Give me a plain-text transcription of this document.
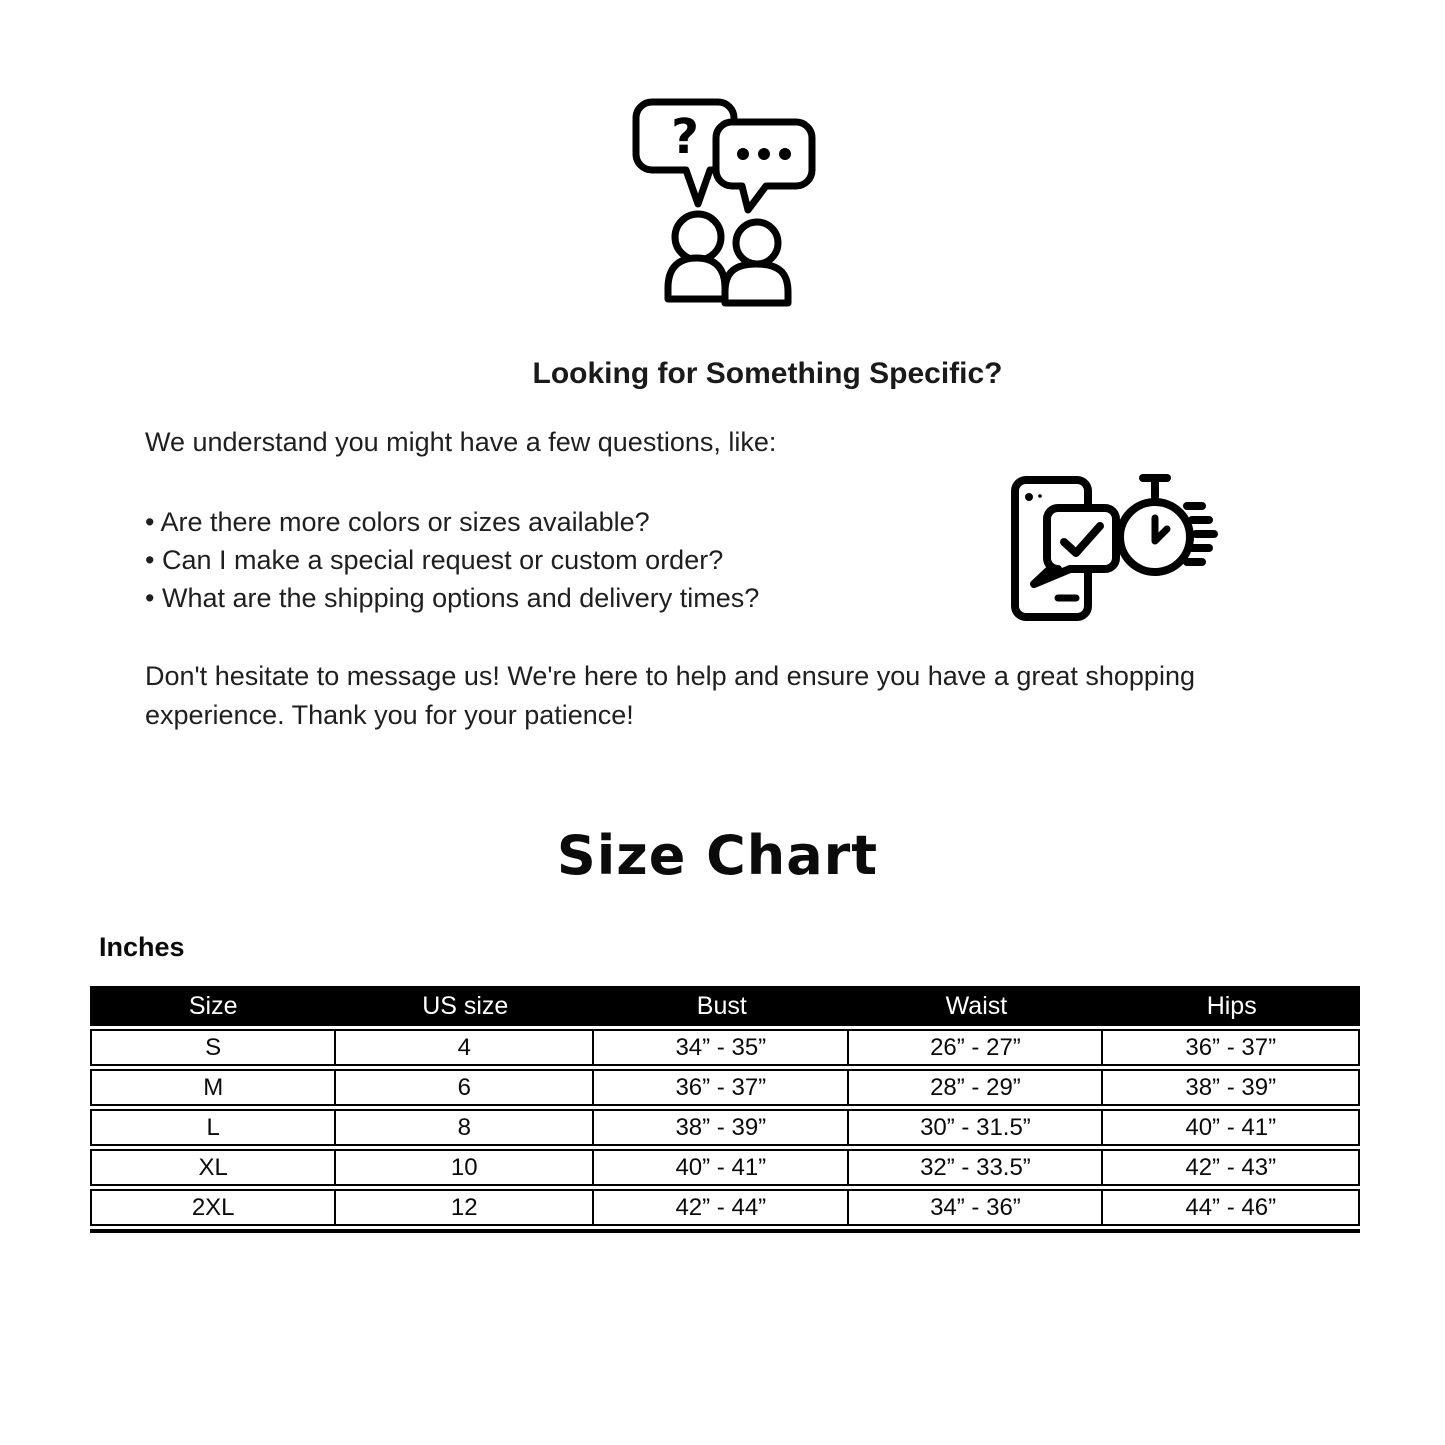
?
Looking for Something Specific?
We understand you might have a few questions, like:
• Are there more colors or sizes available?
• Can I make a special request or custom order?
• What are the shipping options and delivery times?
Don't hesitate to message us! We're here to help and ensure you have a great shopping experience. Thank you for your patience!
Size Chart
Inches
Size	US size	Bust	Waist	Hips
S	4	34” - 35”	26” - 27”	36” - 37”
M	6	36” - 37”	28” - 29”	38” - 39”
L	8	38” - 39”	30” - 31.5”	40” - 41”
XL	10	40” - 41”	32” - 33.5”	42” - 43”
2XL	12	42” - 44”	34” - 36”	44” - 46”
